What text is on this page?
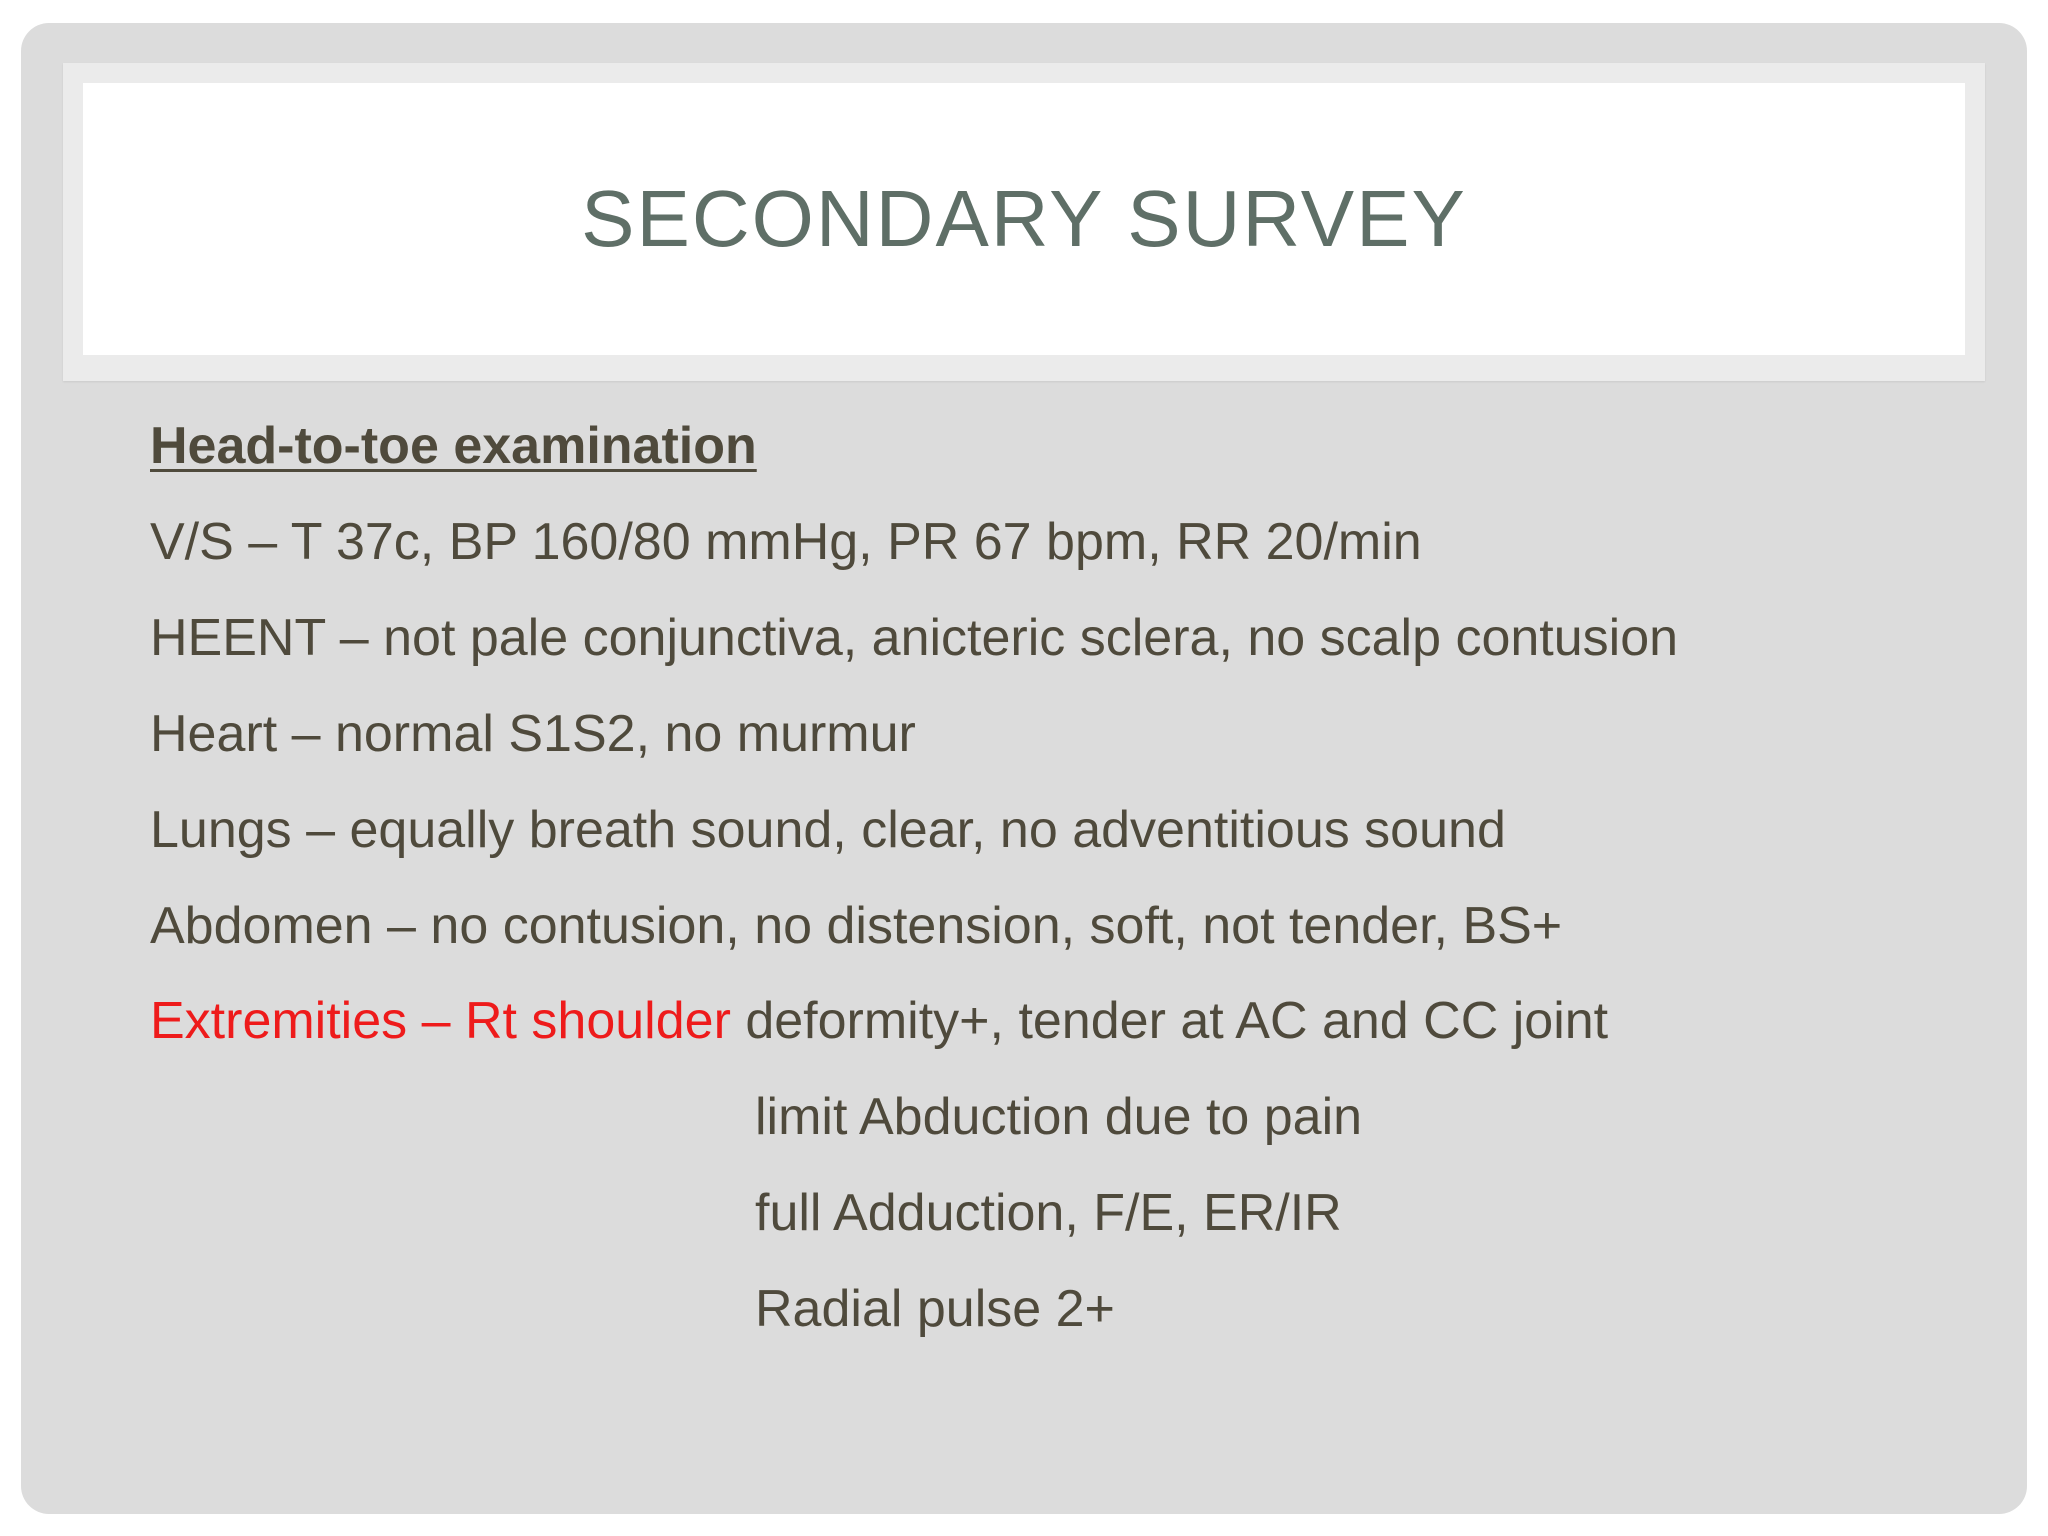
SECONDARY SURVEY
Head-to-toe examination
V/S – T 37c, BP 160/80 mmHg, PR 67 bpm, RR 20/min
HEENT – not pale conjunctiva, anicteric sclera, no scalp contusion
Heart – normal S1S2, no murmur
Lungs – equally breath sound, clear, no adventitious sound
Abdomen – no contusion, no distension, soft, not tender, BS+
Extremities – Rt shoulder deformity+, tender at AC and CC joint
limit Abduction due to pain
full Adduction, F/E, ER/IR
Radial pulse 2+
